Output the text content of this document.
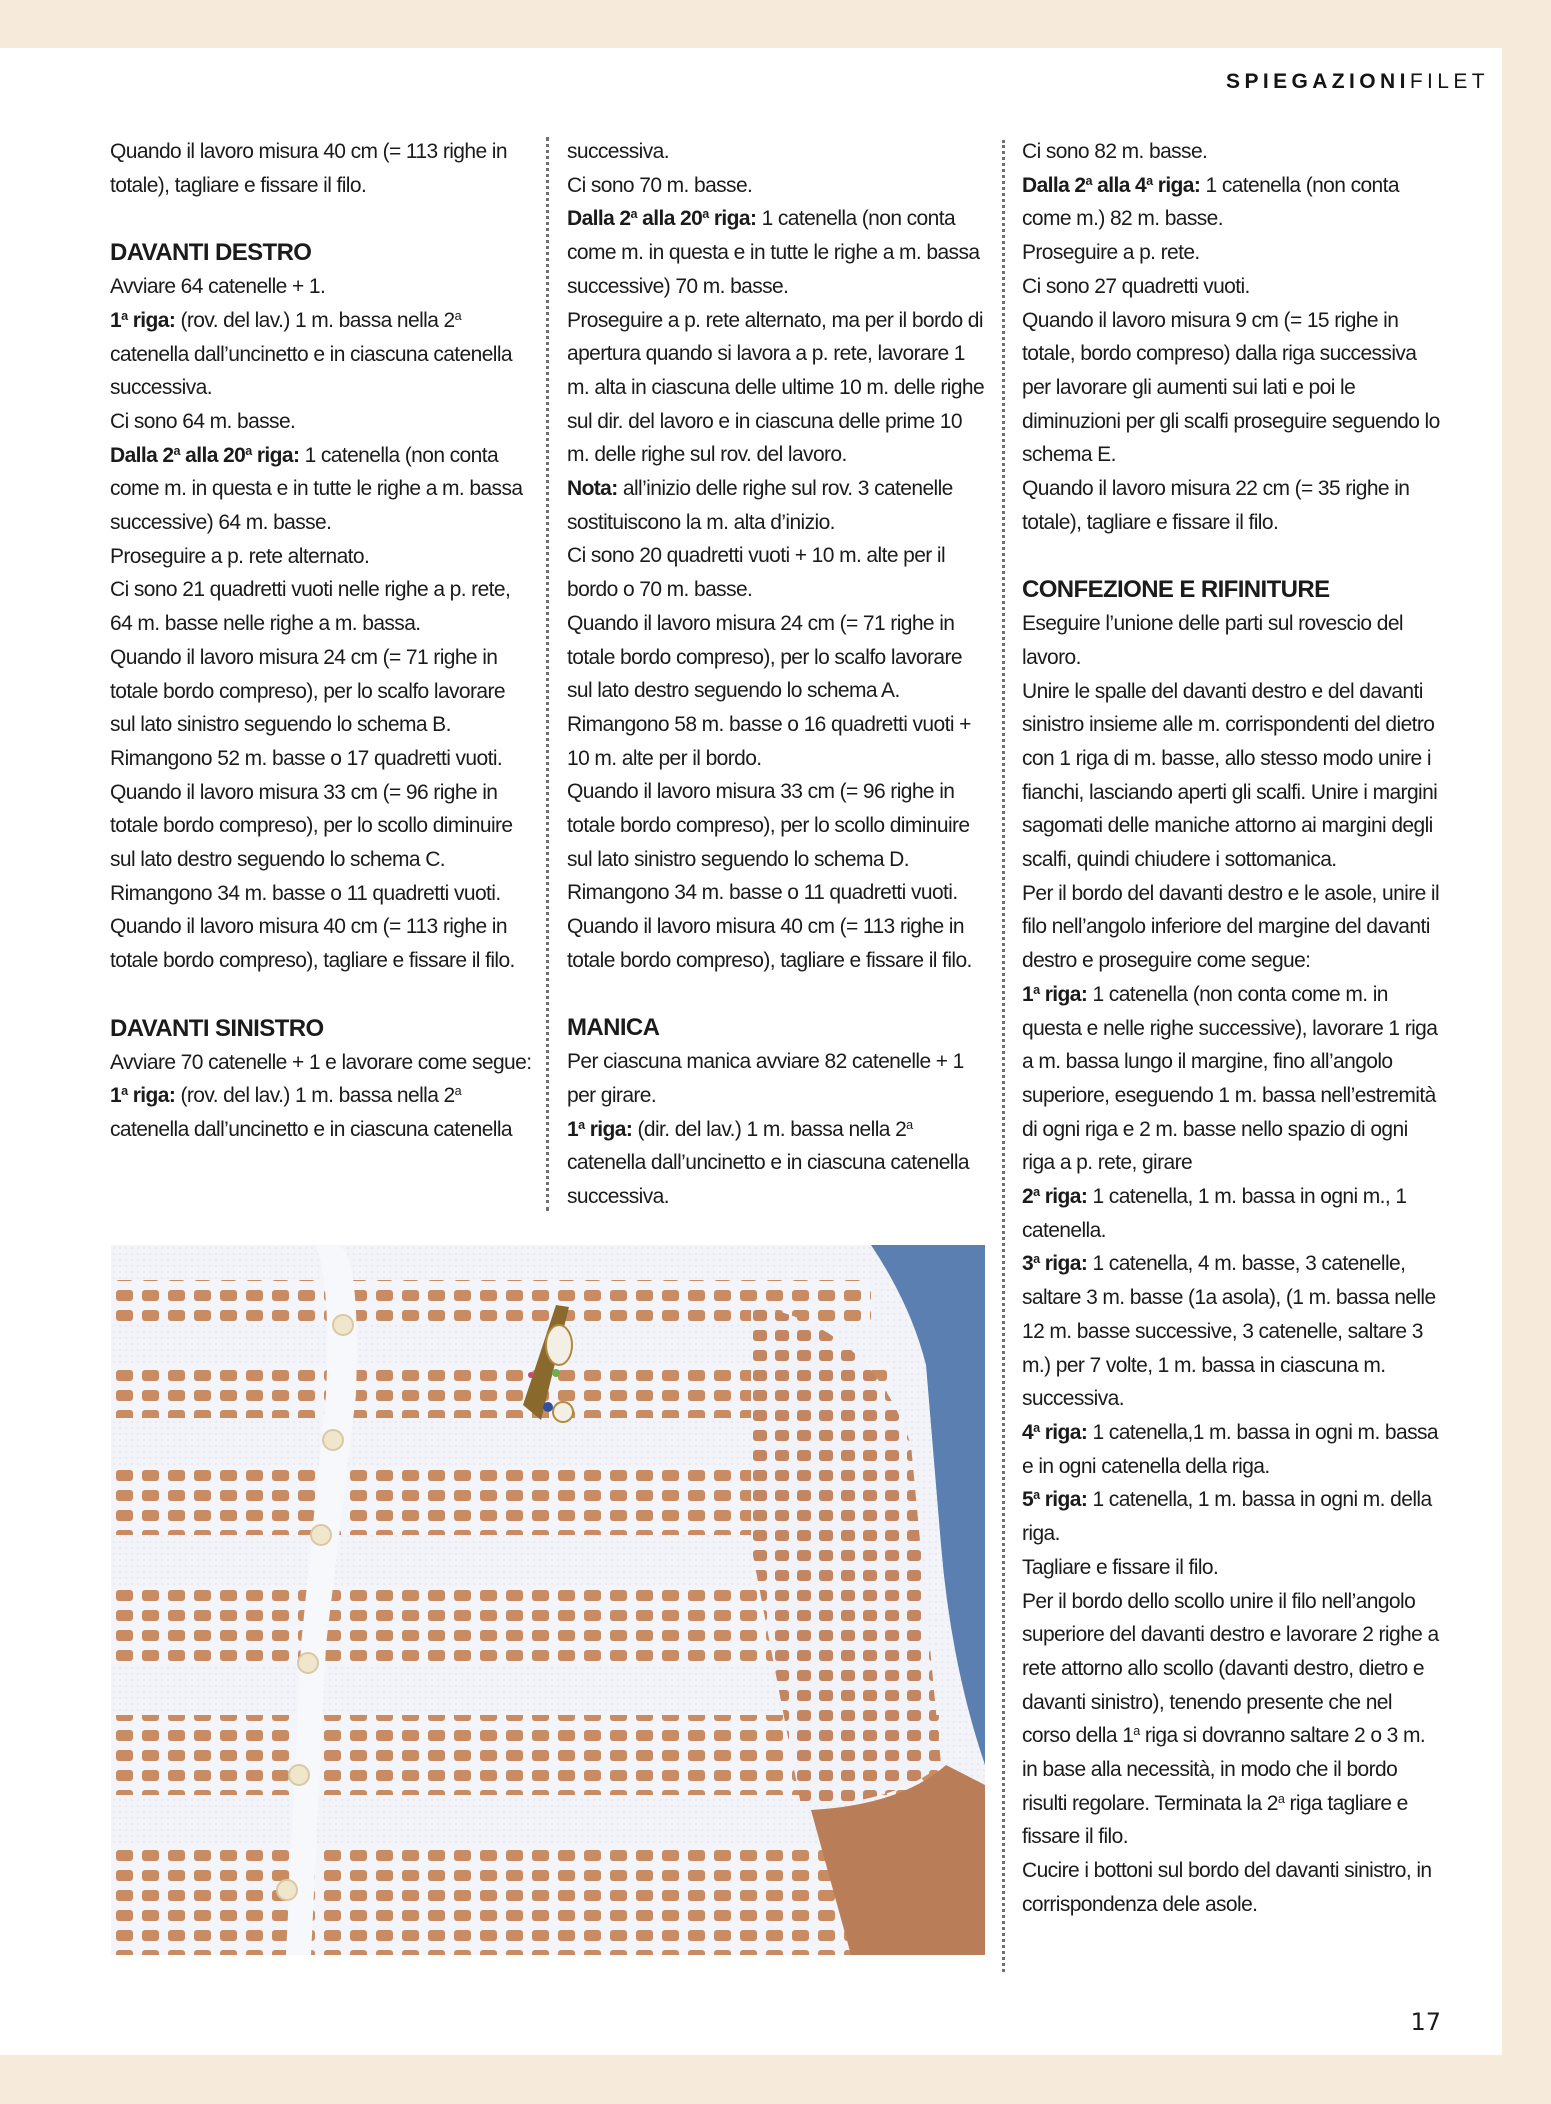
SPIEGAZIONIFILET

Quando il lavoro misura 40 cm (= 113 righe in

totale), tagliare e fissare il filo.

DAVANTI DESTRO

Avviare 64 catenelle + 1.

1$^a$ riga: (rov. del lav.) 1 m. bassa nella 2$^a$ catenella dall’uncinetto e in ciascuna catenella successiva.

Ci sono 64 m. basse.

Dalla 2$^a$ alla 20$^a$ riga: 1 catenella (non conta come m. in questa e in tutte le righe a m. bassa successive) 64 m. basse.

Proseguire a p. rete alternato.

Ci sono 21 quadretti vuoti nelle righe a p. rete, 64 m. basse nelle righe a m. bassa.

Quando il lavoro misura 24 cm (= 71 righe in totale bordo compreso), per lo scalfo lavorare sul lato sinistro seguendo lo schema B.

Rimangono 52 m. basse o 17 quadretti vuoti.

Quando il lavoro misura 33 cm (= 96 righe in totale bordo compreso), per lo scollo diminuire sul lato destro seguendo lo schema C.

Rimangono 34 m. basse o 11 quadretti vuoti.

Quando il lavoro misura 40 cm (= 113 righe in totale bordo compreso), tagliare e fissare il filo.

DAVANTI SINISTRO

Avviare 70 catenelle + 1 e lavorare come segue:

1$^a$ riga: (rov. del lav.) 1 m. bassa nella 2$^a$ catenella dall’uncinetto e in ciascuna catenella

successiva.

Ci sono 70 m. basse.

Dalla 2$^a$ alla 20$^a$ riga: 1 catenella (non conta come m. in questa e in tutte le righe a m. bassa successive) 70 m. basse.

Proseguire a p. rete alternato, ma per il bordo di apertura quando si lavora a p. rete, lavorare 1 m. alta in ciascuna delle ultime 10 m. delle righe sul dir. del lavoro e in ciascuna delle prime 10 m. delle righe sul rov. del lavoro.

Nota: all’inizio delle righe sul rov. 3 catenelle sostituiscono la m. alta d’inizio.

Ci sono 20 quadretti vuoti + 10 m. alte per il bordo o 70 m. basse.

Quando il lavoro misura 24 cm (= 71 righe in totale bordo compreso), per lo scalfo lavorare sul lato destro seguendo lo schema A.

Rimangono 58 m. basse o 16 quadretti vuoti + 10 m. alte per il bordo.

Quando il lavoro misura 33 cm (= 96 righe in totale bordo compreso), per lo scollo diminuire sul lato sinistro seguendo lo schema D.

Rimangono 34 m. basse o 11 quadretti vuoti.

Quando il lavoro misura 40 cm (= 113 righe in totale bordo compreso), tagliare e fissare il filo.

MANICA

Per ciascuna manica avviare 82 catenelle + 1 per girare.

1$^a$ riga: (dir. del lav.) 1 m. bassa nella 2$^a$ catenella dall’uncinetto e in ciascuna catenella successiva.

Ci sono 82 m. basse.

Dalla 2$^a$ alla 4$^a$ riga: 1 catenella (non conta come m.) 82 m. basse.

Proseguire a p. rete.

Ci sono 27 quadretti vuoti.

Quando il lavoro misura 9 cm (= 15 righe in totale, bordo compreso) dalla riga successiva per lavorare gli aumenti sui lati e poi le diminuzioni per gli scalfi proseguire seguendo lo schema E.

Quando il lavoro misura 22 cm (= 35 righe in totale), tagliare e fissare il filo.

CONFEZIONE E RIFINITURE

Eseguire l’unione delle parti sul rovescio del lavoro.

Unire le spalle del davanti destro e del davanti sinistro insieme alle m. corrispondenti del dietro con 1 riga di m. basse, allo stesso modo unire i fianchi, lasciando aperti gli scalfi. Unire i margini sagomati delle maniche attorno ai margini degli scalfi, quindi chiudere i sottomanica.

Per il bordo del davanti destro e le asole, unire il filo nell’angolo inferiore del margine del davanti destro e proseguire come segue:

1$^a$ riga: 1 catenella (non conta come m. in questa e nelle righe successive), lavorare 1 riga a m. bassa lungo il margine, fino all’angolo superiore, eseguendo 1 m. bassa nell’estremità di ogni riga e 2 m. basse nello spazio di ogni riga a p. rete, girare

2$^a$ riga: 1 catenella, 1 m. bassa in ogni m., 1 catenella.

3$^a$ riga: 1 catenella, 4 m. basse, 3 catenelle, saltare 3 m. basse (1a asola), (1 m. bassa nelle 12 m. basse successive, 3 catenelle, saltare 3 m.) per 7 volte, 1 m. bassa in ciascuna m. successiva.

4$^a$ riga: 1 catenella,1 m. bassa in ogni m. bassa e in ogni catenella della riga.

5$^a$ riga: 1 catenella, 1 m. bassa in ogni m. della riga.

Tagliare e fissare il filo.

Per il bordo dello scollo unire il filo nell’angolo superiore del davanti destro e lavorare 2 righe a rete attorno allo scollo (davanti destro, dietro e davanti sinistro), tenendo presente che nel corso della 1$^a$ riga si dovranno saltare 2 o 3 m. in base alla necessità, in modo che il bordo risulti regolare. Terminata la 2$^a$ riga tagliare e fissare il filo.

Cucire i bottoni sul bordo del davanti sinistro, in corrispondenza dele asole.

17
